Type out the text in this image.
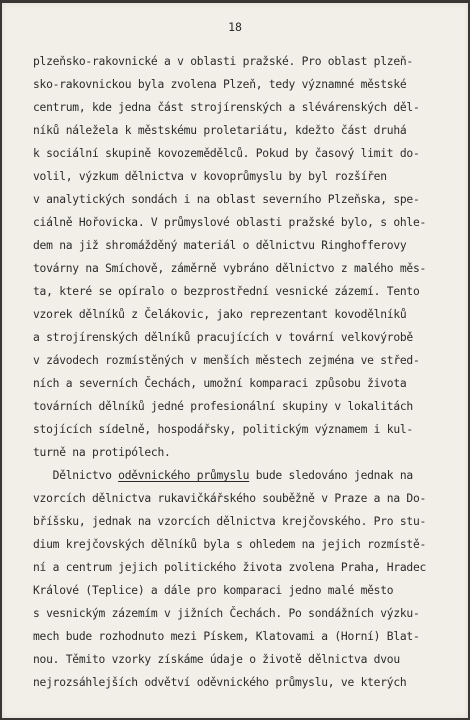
18
plzeňsko-rakovnické a v oblasti pražské. Pro oblast plzeň-
sko-rakovnickou byla zvolena Plzeň, tedy významné městské
centrum, kde jedna část strojírenských a slévárenských děl-
níků náležela k městskému proletariátu, kdežto část druhá
k sociální skupině kovozemědělců. Pokud by časový limit do-
volil, výzkum dělnictva v kovoprůmyslu by byl rozšířen
v analytických sondách i na oblast severního Plzeňska, spe-
ciálně Hořovicka. V průmyslové oblasti pražské bylo, s ohle-
dem na již shromážděný materiál o dělnictvu Ringhofferovy
továrny na Smíchově, záměrně vybráno dělnictvo z malého měs-
ta, které se opíralo o bezprostřední vesnické zázemí. Tento
vzorek dělníků z Čelákovic, jako reprezentant kovodělníků
a strojírenských dělníků pracujících v tovární velkovýrobě
v závodech rozmístěných v menších městech zejména ve střed-
ních a severních Čechách, umožní komparaci způsobu života
továrních dělníků jedné profesionální skupiny v lokalitách
stojících sídelně, hospodářsky, politickým významem i kul-
turně na protipólech.
Dělnictvo oděvnického průmyslu bude sledováno jednak na
vzorcích dělnictva rukavičkářského souběžně v Praze a na Do-
bříšsku, jednak na vzorcích dělnictva krejčovského. Pro stu-
dium krejčovských dělníků byla s ohledem na jejich rozmístě-
ní a centrum jejich politického života zvolena Praha, Hradec
Králové (Teplice) a dále pro komparaci jedno malé město
s vesnickým zázemím v jižních Čechách. Po sondážních výzku-
mech bude rozhodnuto mezi Pískem, Klatovami a (Horní) Blat-
nou. Těmito vzorky získáme údaje o životě dělnictva dvou
nejrozsáhlejších odvětví oděvnického průmyslu, ve kterých
